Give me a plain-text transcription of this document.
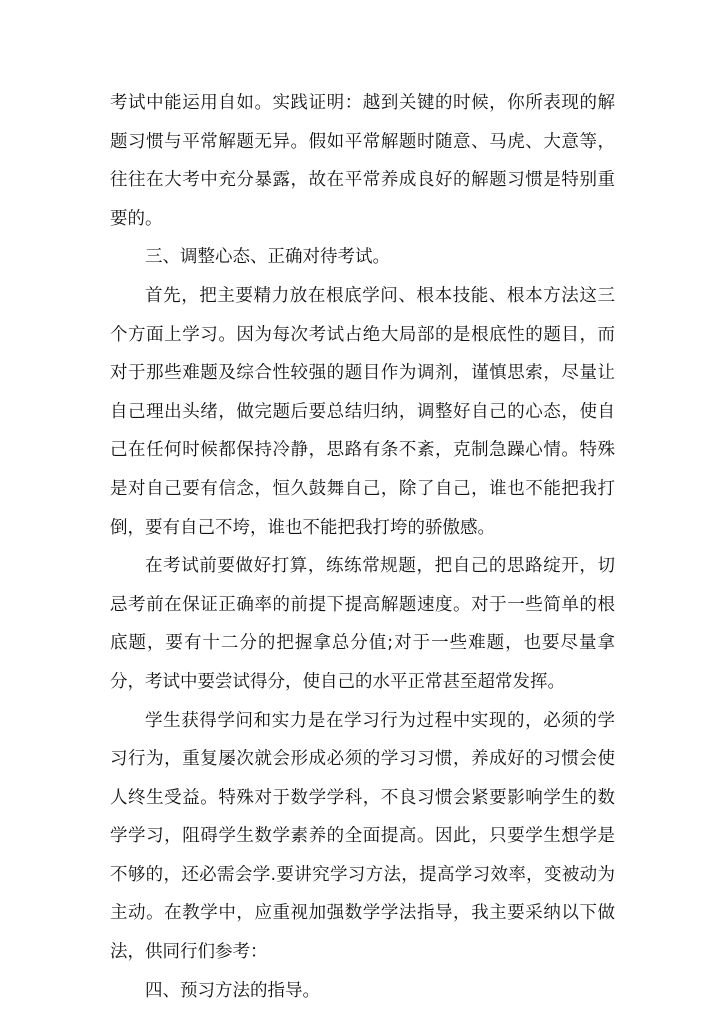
考试中能运用自如。实践证明：越到关键的时候，你所表现的解题习惯与平常解题无异。假如平常解题时随意、马虎、大意等，往往在大考中充分暴露，故在平常养成良好的解题习惯是特别重要的。

三、调整心态、正确对待考试。

首先，把主要精力放在根底学问、根本技能、根本方法这三个方面上学习。因为每次考试占绝大局部的是根底性的题目，而对于那些难题及综合性较强的题目作为调剂，谨慎思索，尽量让自己理出头绪，做完题后要总结归纳，调整好自己的心态，使自己在任何时候都保持冷静，思路有条不紊，克制急躁心情。特殊是对自己要有信念，恒久鼓舞自己，除了自己，谁也不能把我打倒，要有自己不垮，谁也不能把我打垮的骄傲感。

在考试前要做好打算，练练常规题，把自己的思路绽开，切忌考前在保证正确率的前提下提高解题速度。对于一些简单的根底题，要有十二分的把握拿总分值;对于一些难题，也要尽量拿分，考试中要尝试得分，使自己的水平正常甚至超常发挥。

学生获得学问和实力是在学习行为过程中实现的，必须的学习行为，重复屡次就会形成必须的学习习惯，养成好的习惯会使人终生受益。特殊对于数学学科，不良习惯会紧要影响学生的数学学习，阻碍学生数学素养的全面提高。因此，只要学生想学是不够的，还必需会学.要讲究学习方法，提高学习效率，变被动为主动。在教学中，应重视加强数学学法指导，我主要采纳以下做法，供同行们参考：

四、预习方法的指导。
